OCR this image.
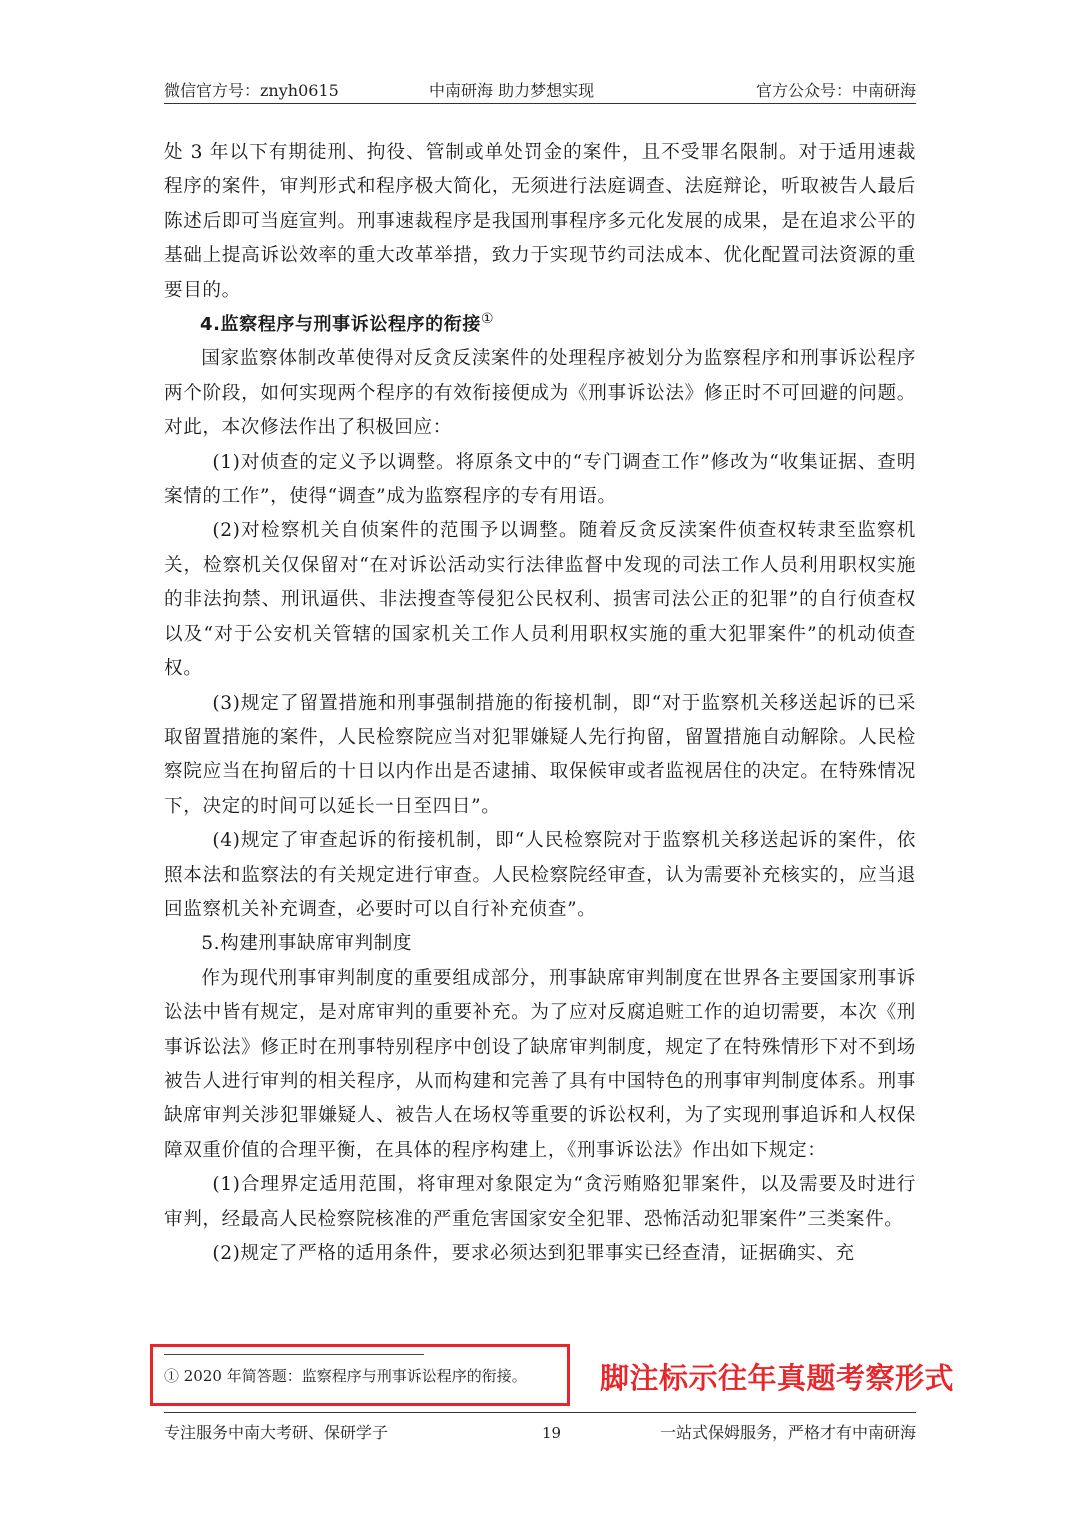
微信官方号：znyh0615	中南研海 助力梦想实现	官方公众号：中南研海

处 3 年以下有期徒刑、拘役、管制或单处罚金的案件，且不受罪名限制。对于适用速裁程序的案件，审判形式和程序极大简化，无须进行法庭调查、法庭辩论，听取被告人最后陈述后即可当庭宣判。刑事速裁程序是我国刑事程序多元化发展的成果，是在追求公平的基础上提高诉讼效率的重大改革举措，致力于实现节约司法成本、优化配置司法资源的重要目的。

4.监察程序与刑事诉讼程序的衔接①

国家监察体制改革使得对反贪反渎案件的处理程序被划分为监察程序和刑事诉讼程序两个阶段，如何实现两个程序的有效衔接便成为《刑事诉讼法》修正时不可回避的问题。对此，本次修法作出了积极回应：

(1)对侦查的定义予以调整。将原条文中的“专门调查工作”修改为“收集证据、查明案情的工作”，使得“调查”成为监察程序的专有用语。

(2)对检察机关自侦案件的范围予以调整。随着反贪反渎案件侦查权转隶至监察机关，检察机关仅保留对“在对诉讼活动实行法律监督中发现的司法工作人员利用职权实施的非法拘禁、刑讯逼供、非法搜查等侵犯公民权利、损害司法公正的犯罪”的自行侦查权以及“对于公安机关管辖的国家机关工作人员利用职权实施的重大犯罪案件”的机动侦查权。

(3)规定了留置措施和刑事强制措施的衔接机制，即“对于监察机关移送起诉的已采取留置措施的案件，人民检察院应当对犯罪嫌疑人先行拘留，留置措施自动解除。人民检察院应当在拘留后的十日以内作出是否逮捕、取保候审或者监视居住的决定。在特殊情况下，决定的时间可以延长一日至四日”。

(4)规定了审查起诉的衔接机制，即“人民检察院对于监察机关移送起诉的案件，依照本法和监察法的有关规定进行审查。人民检察院经审查，认为需要补充核实的，应当退回监察机关补充调查，必要时可以自行补充侦查”。

5.构建刑事缺席审判制度

作为现代刑事审判制度的重要组成部分，刑事缺席审判制度在世界各主要国家刑事诉讼法中皆有规定，是对席审判的重要补充。为了应对反腐追赃工作的迫切需要，本次《刑事诉讼法》修正时在刑事特别程序中创设了缺席审判制度，规定了在特殊情形下对不到场被告人进行审判的相关程序，从而构建和完善了具有中国特色的刑事审判制度体系。刑事缺席审判关涉犯罪嫌疑人、被告人在场权等重要的诉讼权利，为了实现刑事追诉和人权保障双重价值的合理平衡，在具体的程序构建上，《刑事诉讼法》作出如下规定：

(1)合理界定适用范围，将审理对象限定为“贪污贿赂犯罪案件，以及需要及时进行审判，经最高人民检察院核准的严重危害国家安全犯罪、恐怖活动犯罪案件”三类案件。

(2)规定了严格的适用条件，要求必须达到犯罪事实已经查清，证据确实、充

① 2020 年简答题：监察程序与刑事诉讼程序的衔接。	脚注标示往年真题考察形式
专注服务中南大考研、保研学子	19	一站式保姆服务，严格才有中南研海
